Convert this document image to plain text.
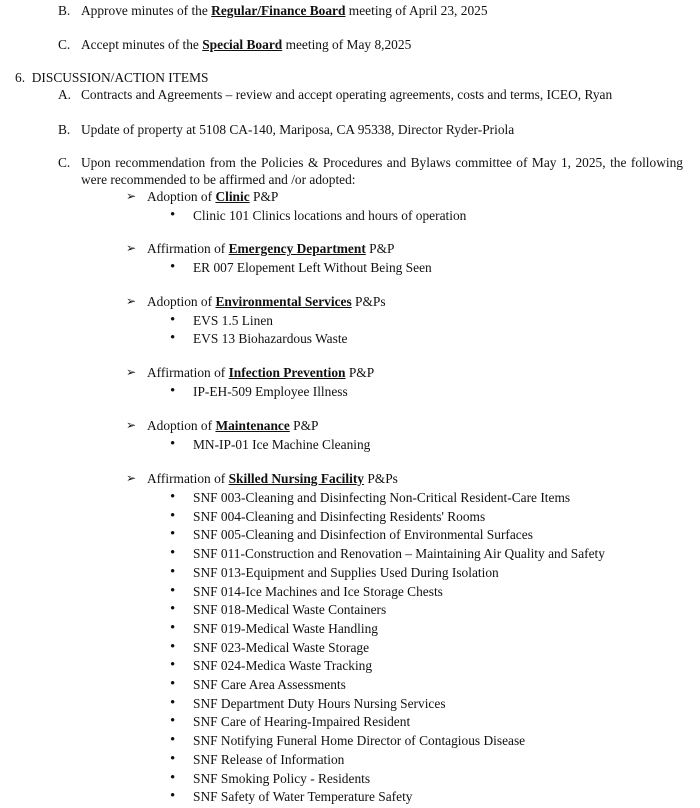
B. Approve minutes of the Regular/Finance Board meeting of April 23, 2025
C. Accept minutes of the Special Board meeting of May 8,2025
6. DISCUSSION/ACTION ITEMS
A. Contracts and Agreements – review and accept operating agreements, costs and terms, ICEO, Ryan
B. Update of property at 5108 CA-140, Mariposa, CA 95338, Director Ryder-Priola
C. Upon recommendation from the Policies & Procedures and Bylaws committee of May 1, 2025, the following were recommended to be affirmed and /or adopted:
➢ Adoption of Clinic P&P
• Clinic 101 Clinics locations and hours of operation
➢ Affirmation of Emergency Department P&P
• ER 007 Elopement Left Without Being Seen
➢ Adoption of Environmental Services P&Ps
• EVS 1.5 Linen
• EVS 13 Biohazardous Waste
➢ Affirmation of Infection Prevention P&P
• IP-EH-509 Employee Illness
➢ Adoption of Maintenance P&P
• MN-IP-01 Ice Machine Cleaning
➢ Affirmation of Skilled Nursing Facility P&Ps
• SNF 003-Cleaning and Disinfecting Non-Critical Resident-Care Items
• SNF 004-Cleaning and Disinfecting Residents' Rooms
• SNF 005-Cleaning and Disinfection of Environmental Surfaces
• SNF 011-Construction and Renovation – Maintaining Air Quality and Safety
• SNF 013-Equipment and Supplies Used During Isolation
• SNF 014-Ice Machines and Ice Storage Chests
• SNF 018-Medical Waste Containers
• SNF 019-Medical Waste Handling
• SNF 023-Medical Waste Storage
• SNF 024-Medica Waste Tracking
• SNF Care Area Assessments
• SNF Department Duty Hours Nursing Services
• SNF Care of Hearing-Impaired Resident
• SNF Notifying Funeral Home Director of Contagious Disease
• SNF Release of Information
• SNF Smoking Policy - Residents
• SNF Safety of Water Temperature Safety
